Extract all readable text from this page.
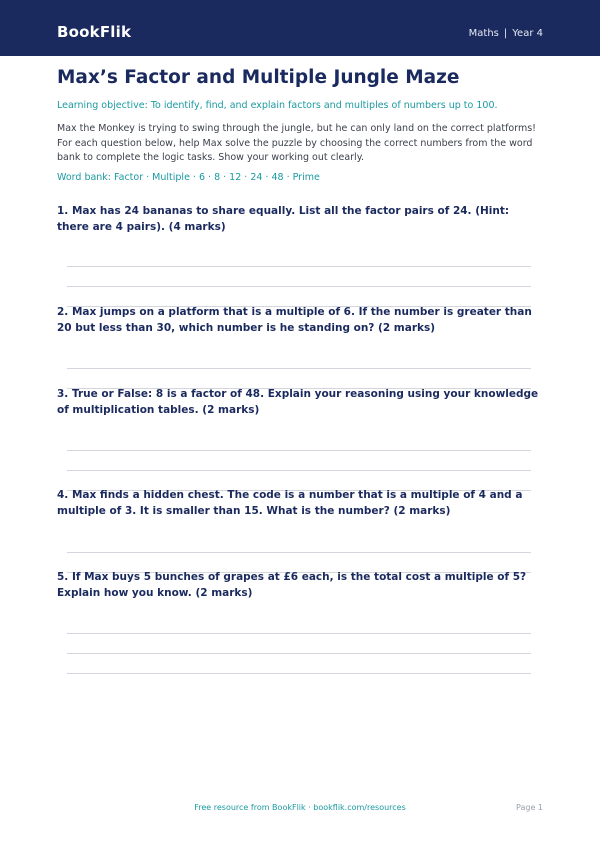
BookFlik	Maths | Year 4
Max’s Factor and Multiple Jungle Maze
Learning objective: To identify, find, and explain factors and multiples of numbers up to 100.
Max the Monkey is trying to swing through the jungle, but he can only land on the correct platforms! For each question below, help Max solve the puzzle by choosing the correct numbers from the word bank to complete the logic tasks. Show your working out clearly.
Word bank: Factor · Multiple · 6 · 8 · 12 · 24 · 48 · Prime
1. Max has 24 bananas to share equally. List all the factor pairs of 24. (Hint: there are 4 pairs). (4 marks)
2. Max jumps on a platform that is a multiple of 6. If the number is greater than 20 but less than 30, which number is he standing on? (2 marks)
3. True or False: 8 is a factor of 48. Explain your reasoning using your knowledge of multiplication tables. (2 marks)
4. Max finds a hidden chest. The code is a number that is a multiple of 4 and a multiple of 3. It is smaller than 15. What is the number? (2 marks)
5. If Max buys 5 bunches of grapes at £6 each, is the total cost a multiple of 5? Explain how you know. (2 marks)
Free resource from BookFlik · bookflik.com/resources	Page 1
